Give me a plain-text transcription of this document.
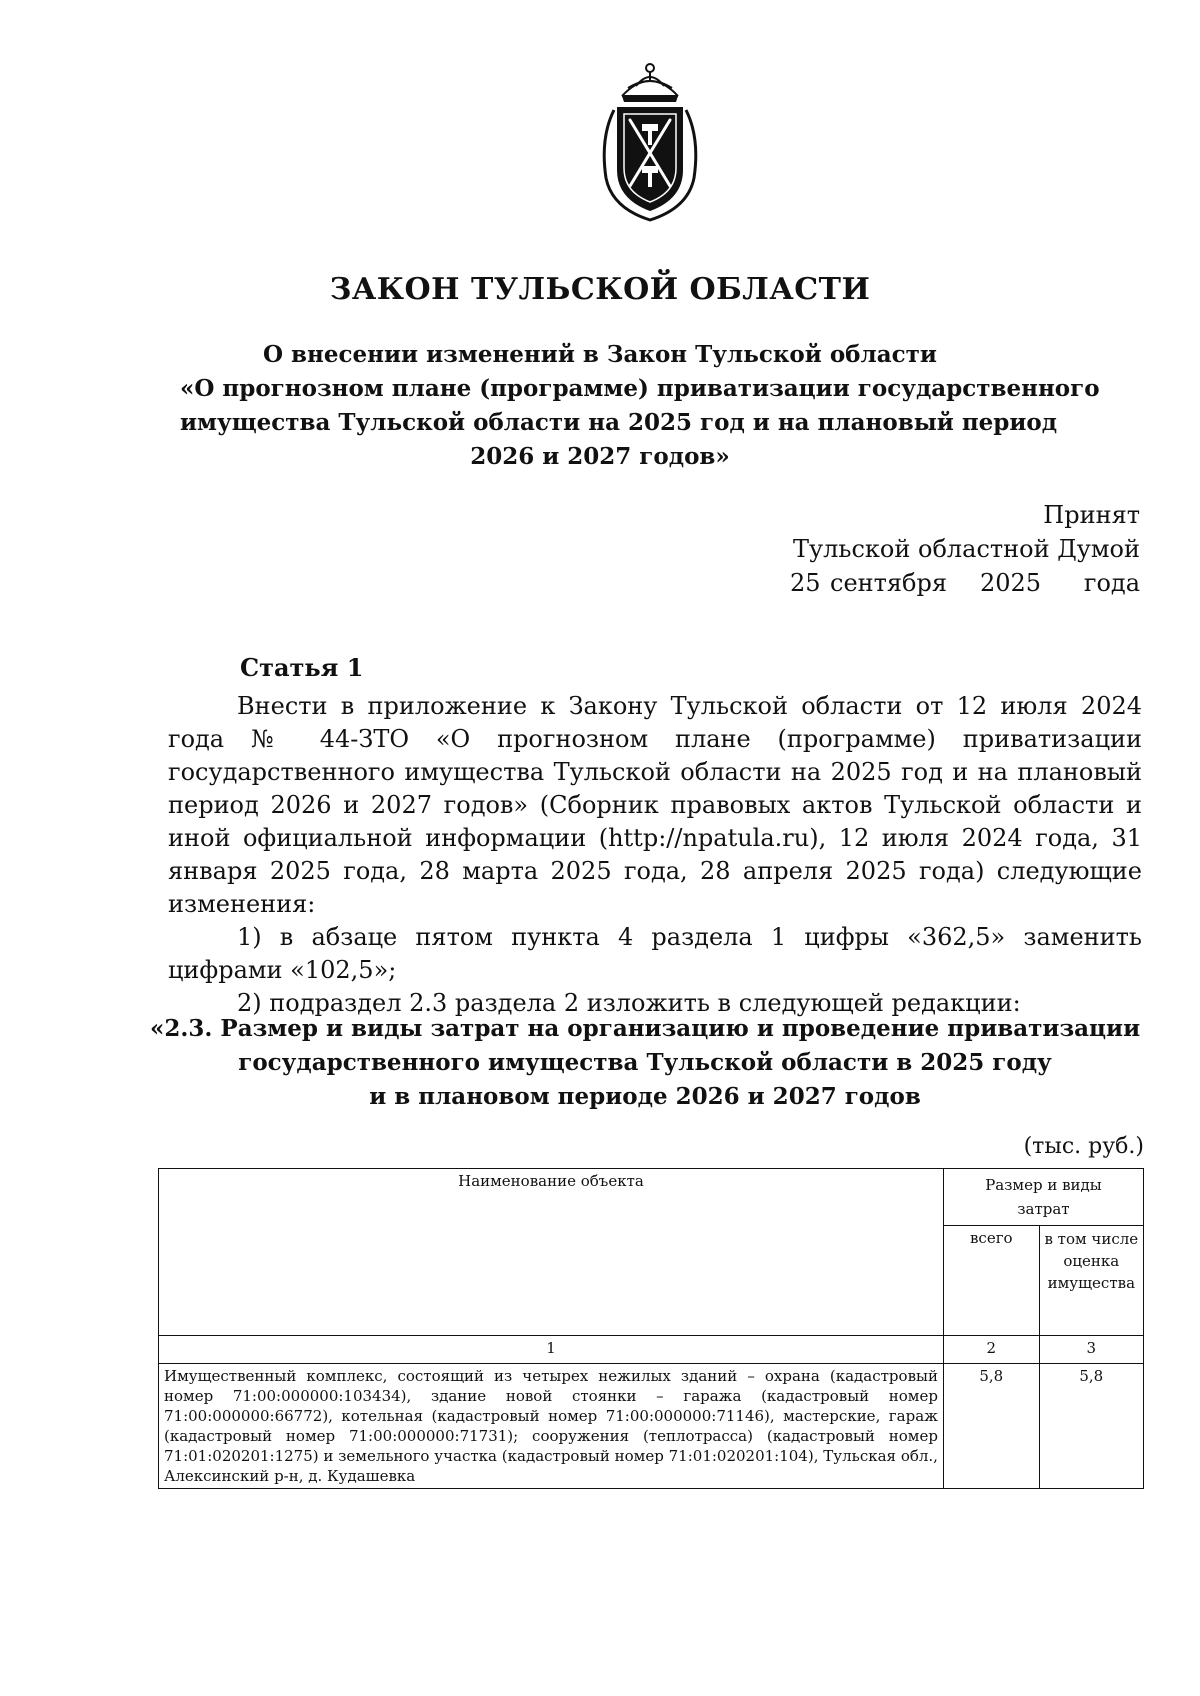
ЗАКОН ТУЛЬСКОЙ ОБЛАСТИ
О внесении изменений в Закон Тульской области
«О прогнозном плане (программе) приватизации государственного
имущества Тульской области на 2025 год и на плановый период
2026 и 2027 годов»
Принят
Тульской областной Думой
25 сентября	2025	года
Статья 1

Внести в приложение к Закону Тульской области от 12 июля 2024 года № 44-ЗТО «О прогнозном плане (программе) приватизации государственного имущества Тульской области на 2025 год и на плановый период 2026 и 2027 годов» (Сборник правовых актов Тульской области и иной официальной информации (http://npatula.ru), 12 июля 2024 года, 31 января 2025 года, 28 марта 2025 года, 28 апреля 2025 года) следующие изменения:

1) в абзаце пятом пункта 4 раздела 1 цифры «362,5» заменить цифрами «102,5»;

2) подраздел 2.3 раздела 2 изложить в следующей редакции:

«2.3. Размер и виды затрат на организацию и проведение приватизации
государственного имущества Тульской области в 2025 году
и в плановом периоде 2026 и 2027 годов
(тыс. руб.)
Наименование объекта	Размер и виды затрат	
	всего	в том числе оценка имущества
1	2	3
Имущественный комплекс, состоящий из четырех нежилых зданий – охрана (кадастровый номер 71:00:000000:103434), здание новой стоянки – гаража (кадастровый номер 71:00:000000:66772), котельная (кадастровый номер 71:00:000000:71146), мастерские, гараж (кадастровый номер 71:00:000000:71731); сооружения (теплотрасса) (кадастровый номер 71:01:020201:1275) и земельного участка (кадастровый номер 71:01:020201:104), Тульская обл., Алексинский р-н, д. Кудашевка	5,8	5,8
